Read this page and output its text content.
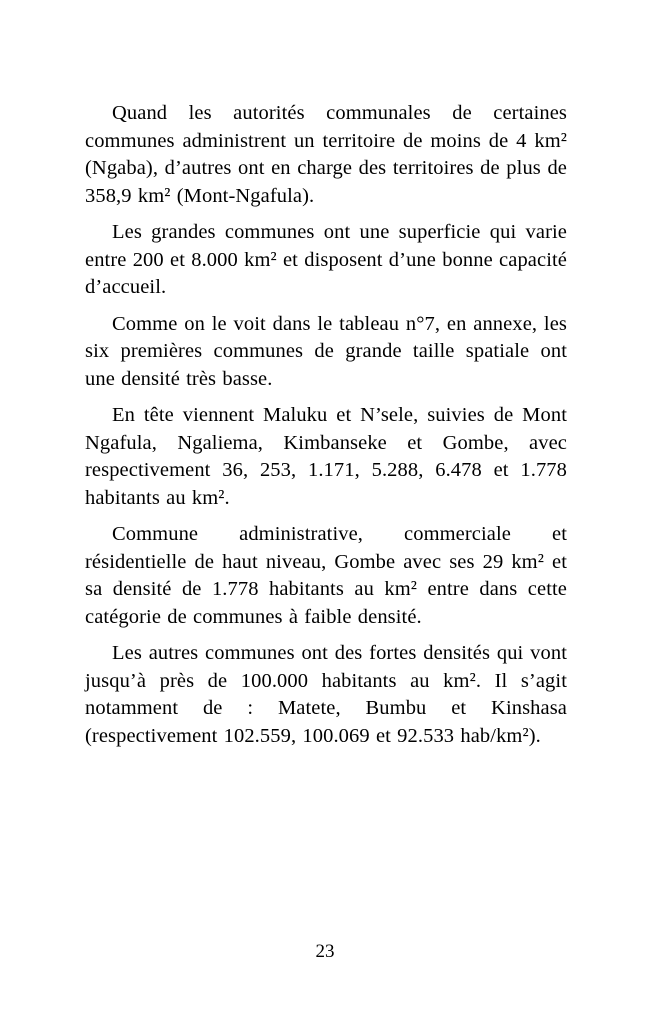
Quand les autorités communales de certaines communes administrent un territoire de moins de 4 km² (Ngaba), d’autres ont en charge des territoires de plus de 358,9 km² (Mont-Ngafula).

Les grandes communes ont une superficie qui varie entre 200 et 8.000 km² et disposent d’une bonne capacité d’accueil.

Comme on le voit dans le tableau n°7, en annexe, les six premières communes de grande taille spatiale ont une densité très basse.

En tête viennent Maluku et N’sele, suivies de Mont Ngafula, Ngaliema, Kimbanseke et Gombe, avec respectivement 36, 253, 1.171, 5.288, 6.478 et 1.778 habitants au km².

Commune administrative, commerciale et résidentielle de haut niveau, Gombe avec ses 29 km² et sa densité de 1.778 habitants au km² entre dans cette catégorie de communes à faible densité.

Les autres communes ont des fortes densités qui vont jusqu’à près de 100.000 habitants au km². Il s’agit notamment de : Matete, Bumbu et Kinshasa (respectivement 102.559, 100.069 et 92.533 hab/km²).

23
